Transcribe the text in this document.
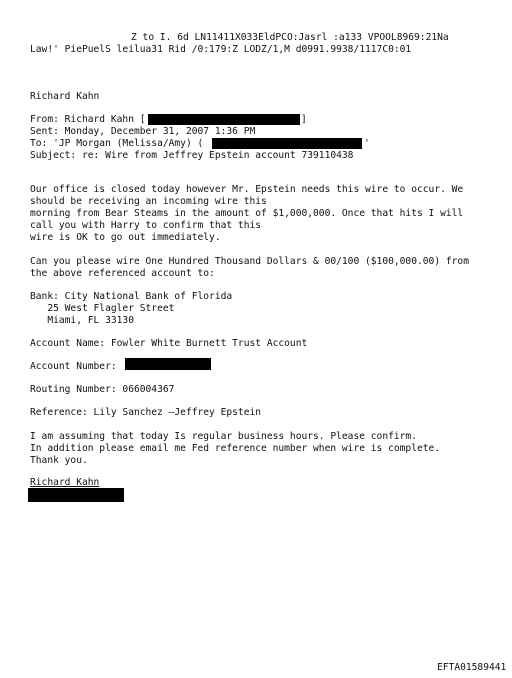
Z to I. 6d LN11411X033EldPCO:Jasrl :a133 VPOOL8969:21Na
Law!' PiePuelS leilua31 Rid /0:179:Z LODZ/1,M d0991.9938/1117C0:01
Richard Kahn
From: Richard Kahn [	]
Sent: Monday, December 31, 2007 1:36 PM
To: 'JP Morgan (Melissa/Amy) (	'
Subject: re: Wire from Jeffrey Epstein account 739110438
Our office is closed today however Mr. Epstein needs this wire to occur. We
should be receiving an incoming wire this
morning from Bear Steams in the amount of $1,000,000. Once that hits I will
call you with Harry to confirm that this
wire is OK to go out immediately.
Can you please wire One Hundred Thousand Dollars & 00/100 ($100,000.00) from
the above referenced account to:
Bank: City National Bank of Florida
25 West Flagler Street
Miami, FL 33130
Account Name: Fowler White Burnett Trust Account
Account Number:
Routing Number: 066004367
Reference: Lily Sanchez –Jeffrey Epstein
I am assuming that today Is regular business hours. Please confirm.
In addition please email me Fed reference number when wire is complete.
Thank you.
Richard Kahn
EFTA01589441
